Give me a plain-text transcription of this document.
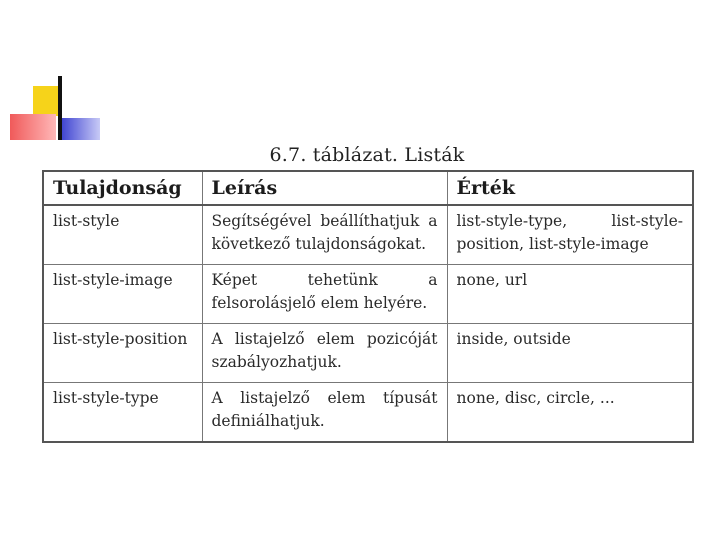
6.7. táblázat. Listák
Tulajdonság	Leírás	Érték
list-style	Segítségével beállíthatjuk a következő tulajdonságokat.	list-style-type, list-style-position, list-style-image
list-style-image	Képet tehetünk a felsorolásjelő elem helyére.	none, url
list-style-position	A listajelző elem pozicóját szabályozhatjuk.	inside, outside
list-style-type	A listajelző elem típusát definiálhatjuk.	none, disc, circle, ...
